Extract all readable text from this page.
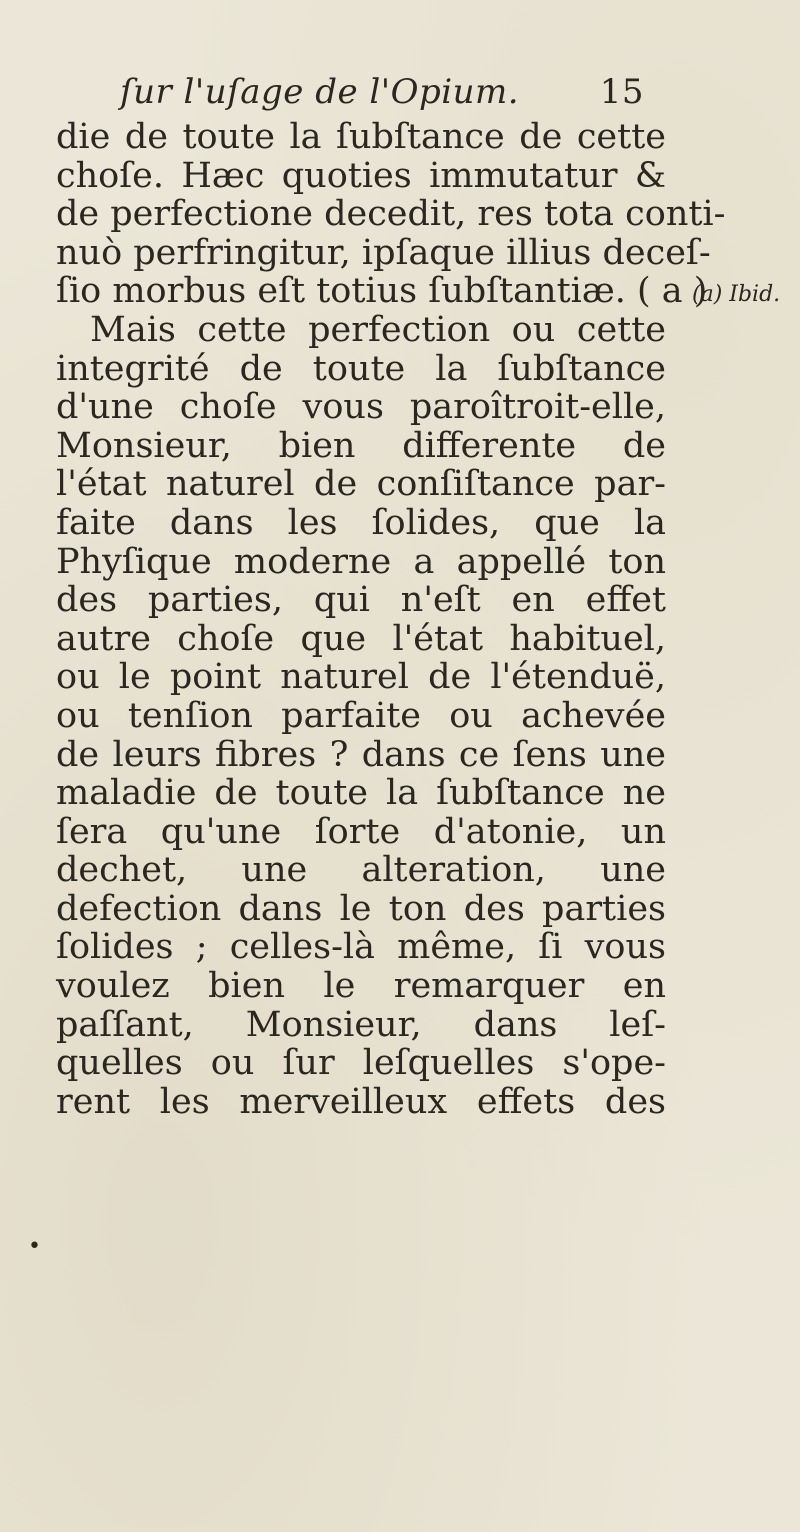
ſur l'uſage de l'Opium. 15
die de toute la ſubſtance de cette
choſe. Hæc quoties immutatur &
de perfectione decedit, res tota conti-
nuò perfringitur, ipſaque illius deceſ-
ſio morbus eſt totius ſubſtantiæ. ( a )
Mais cette perfection ou cette
integrité de toute la ſubſtance
d'une choſe vous paroîtroit-elle,
Monsieur, bien differente de
l'état naturel de conſiſtance par-
faite dans les ſolides, que la
Phyſique moderne a appellé ton
des parties, qui n'eſt en effet
autre choſe que l'état habituel,
ou le point naturel de l'étenduë,
ou tenſion parfaite ou achevée
de leurs fibres ? dans ce ſens une
maladie de toute la ſubſtance ne
ſera qu'une ſorte d'atonie, un
dechet, une alteration, une
defection dans le ton des parties
ſolides ; celles-là même, ſi vous
voulez bien le remarquer en
paſſant, Monsieur, dans leſ-
quelles ou ſur leſquelles s'ope-
rent les merveilleux effets des
(a) Ibid.
•
